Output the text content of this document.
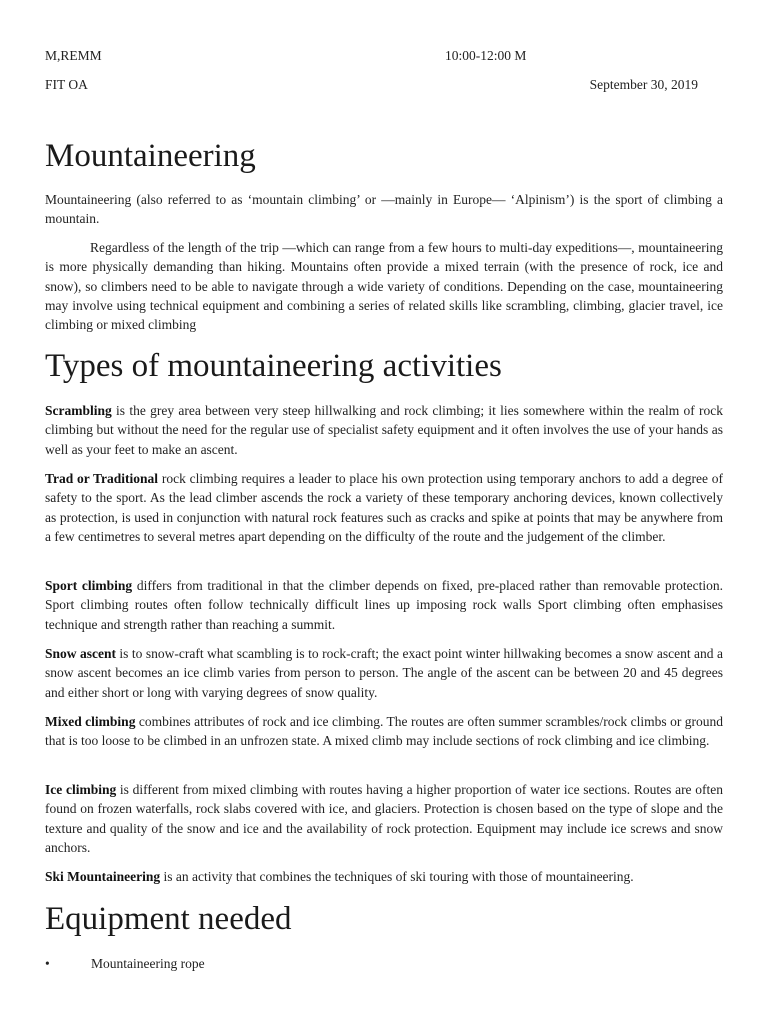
M,REMM	10:00-12:00 M
FIT OA	September 30, 2019
Mountaineering

Mountaineering (also referred to as ‘mountain climbing’ or —mainly in Europe— ‘Alpinism’) is the sport of climbing a mountain.

Regardless of the length of the trip —which can range from a few hours to multi-day expeditions—, mountaineering is more physically demanding than hiking. Mountains often provide a mixed terrain (with the presence of rock, ice and snow), so climbers need to be able to navigate through a wide variety of conditions. Depending on the case, mountaineering may involve using technical equipment and combining a series of related skills like scrambling, climbing, glacier travel, ice climbing or mixed climbing

Types of mountaineering activities

Scrambling is the grey area between very steep hillwalking and rock climbing; it lies somewhere within the realm of rock climbing but without the need for the regular use of specialist safety equipment and it often involves the use of your hands as well as your feet to make an ascent.

Trad or Traditional rock climbing requires a leader to place his own protection using temporary anchors to add a degree of safety to the sport. As the lead climber ascends the rock a variety of these temporary anchoring devices, known collectively as protection, is used in conjunction with natural rock features such as cracks and spike at points that may be anywhere from a few centimetres to several metres apart depending on the difficulty of the route and the judgement of the climber.

Sport climbing differs from traditional in that the climber depends on fixed, pre-placed rather than removable protection. Sport climbing routes often follow technically difficult lines up imposing rock walls Sport climbing often emphasises technique and strength rather than reaching a summit.

Snow ascent is to snow-craft what scambling is to rock-craft; the exact point winter hillwaking becomes a snow ascent and a snow ascent becomes an ice climb varies from person to person. The angle of the ascent can be between 20 and 45 degrees and either short or long with varying degrees of snow quality.

Mixed climbing combines attributes of rock and ice climbing. The routes are often summer scrambles/rock climbs or ground that is too loose to be climbed in an unfrozen state. A mixed climb may include sections of rock climbing and ice climbing.

Ice climbing is different from mixed climbing with routes having a higher proportion of water ice sections. Routes are often found on frozen waterfalls, rock slabs covered with ice, and glaciers. Protection is chosen based on the type of slope and the texture and quality of the snow and ice and the availability of rock protection. Equipment may include ice screws and snow anchors.

Ski Mountaineering is an activity that combines the techniques of ski touring with those of mountaineering.

Equipment needed
•	Mountaineering rope
